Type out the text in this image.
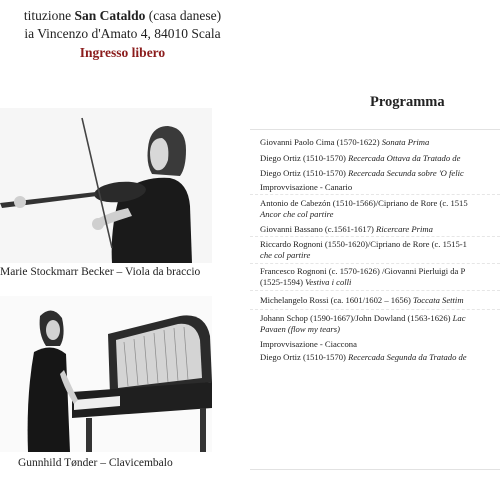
tituzione San Cataldo (casa danese)
ia Vincenzo d'Amato 4, 84010 Scala
Ingresso libero
Marie Stockmarr Becker – Viola da braccio
Gunnhild Tønder – Clavicembalo
Programma
Giovanni Paolo Cima (1570-1622) Sonata Prima
Diego Ortiz (1510-1570) Recercada Ottava da Tratado de
Diego Ortiz (1510-1570) Recercada Secunda sobre 'O felic
Improvvisazione - Canario
Antonio de Cabezón (1510-1566)/Cipriano de Rore (c. 1515
Ancor che col partire
Giovanni Bassano (c.1561-1617) Ricercare Prima
Riccardo Rognoni (1550-1620)/Cipriano de Rore (c. 1515-1
che col partire
Francesco Rognoni (c. 1570-1626) /Giovanni Pierluigi da P
(1525-1594) Vestiva i colli
Michelangelo Rossi (ca. 1601/1602 – 1656) Toccata Settim
Johann Schop (1590-1667)/John Dowland (1563-1626) Lac
Pavaen (flow my tears)
Improvvisazione - Ciaccona
Diego Ortiz (1510-1570) Recercada Segunda da Tratado de
